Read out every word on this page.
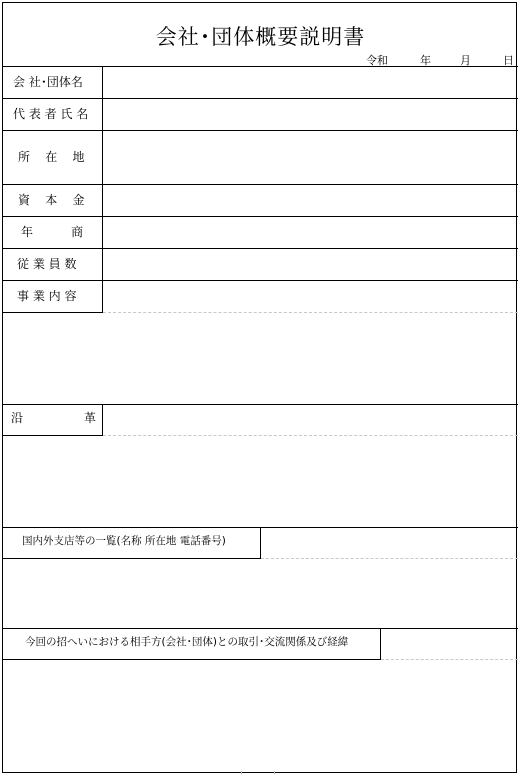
会社･団体概要説明書
令和	年	月	日
会 社･団体名
代 表 者 氏 名
所    在    地
資    本    金
年          商
従 業 員 数
事 業 内 容
沿                革
国内外支店等の一覧(名称 所在地 電話番号)
今回の招へいにおける相手方(会社･団体)との取引･交流関係及び経緯
